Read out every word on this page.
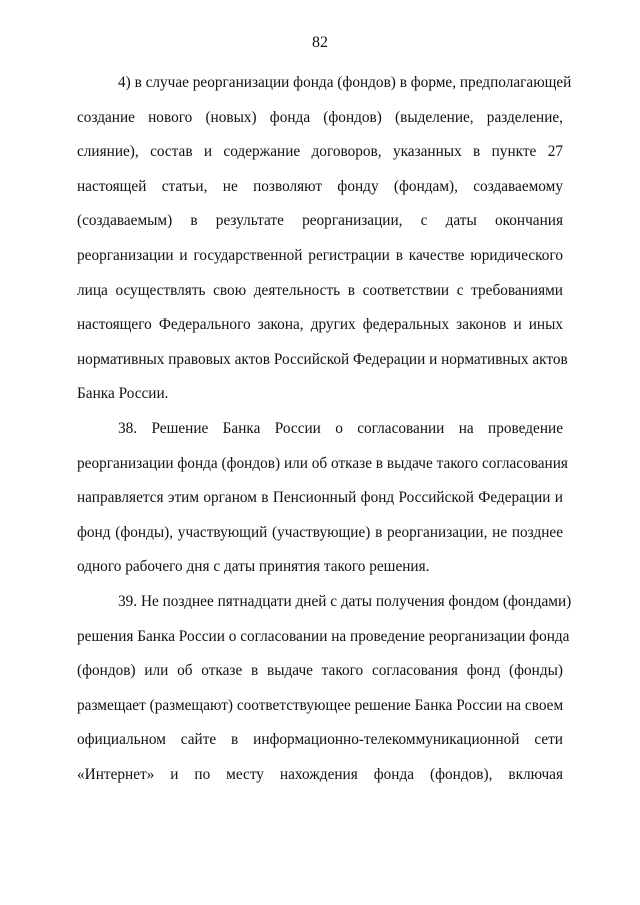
82
4) в случае реорганизации фонда (фондов) в форме, предполагающей
создание нового (новых) фонда (фондов) (выделение, разделение,
слияние), состав и содержание договоров, указанных в пункте 27
настоящей статьи, не позволяют фонду (фондам), создаваемому
(создаваемым) в результате реорганизации, с даты окончания
реорганизации и государственной регистрации в качестве юридического
лица осуществлять свою деятельность в соответствии с требованиями
настоящего Федерального закона, других федеральных законов и иных
нормативных правовых актов Российской Федерации и нормативных актов
Банка России.
38. Решение Банка России о согласовании на проведение
реорганизации фонда (фондов) или об отказе в выдаче такого согласования
направляется этим органом в Пенсионный фонд Российской Федерации и
фонд (фонды), участвующий (участвующие) в реорганизации, не позднее
одного рабочего дня с даты принятия такого решения.
39. Не позднее пятнадцати дней с даты получения фондом (фондами)
решения Банка России о согласовании на проведение реорганизации фонда
(фондов) или об отказе в выдаче такого согласования фонд (фонды)
размещает (размещают) соответствующее решение Банка России на своем
официальном сайте в информационно-телекоммуникационной сети
«Интернет» и по месту нахождения фонда (фондов), включая
